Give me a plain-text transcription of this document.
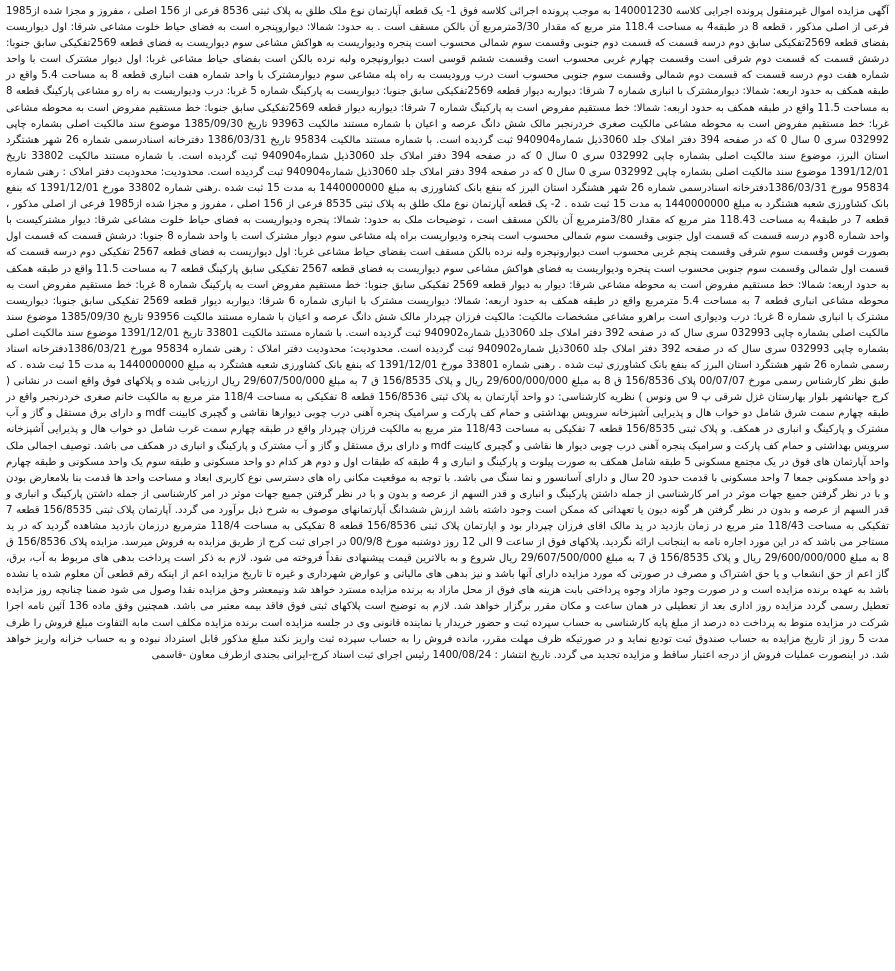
آگهی مزایده اموال غیرمنقول پرونده اجرایی کلاسه 140001230 به موجب پرونده اجرائی کلاسه فوق 1- یک قطعه آپارتمان نوع ملک طلق به پلاک ثبتی 8536 فرعی از 156 اصلی ، مفروز و مجزا شده از1985 فرعی از اصلی مذکور ، قطعه 8 در طبقه4 به مساحت 118.4 متر مربع که مقدار 3/30مترمربع آن بالکن مسقف است . به حدود: شمالا: دیواروپنجره است به فضای حیاط خلوت مشاعی شرقا: اول دیواریست بفضای قطعه 2569تفکیکی سابق دوم درسه قسمت که قسمت دوم جنوبی وقسمت سوم شمالی محسوب است پنجره ودیواریست به هواکش مشاعی سوم دیواریست به فضای قطعه 2569تفکیکی سابق جنوبا: درشش قسمت که قسمت دوم شرقی است وقسمت چهارم غربی محسوب است وقسمت ششم قوسی است دیوارونپجره ولبه نرده بالکن است بفضای حیاط مشاعی غربا: اول دیوار مشترک است با واحد شماره هفت دوم درسه قسمت که قسمت دوم شمالی وقسمت سوم جنوبی محسوب است درب ورودیست به راه پله مشاعی سوم دیوارمشترک با واحد شماره هفت انباری قطعه 8 به مساحت 5.4 واقع در طبقه همکف به حدود اربعه: شمالا: دیوارمشترک با انباری شماره 7 شرقا: دیواربه دیوار قطعه 2569تفکیکی سابق جنوبا: دیواریست به پارکینگ شماره 5 غربا: درب ودیواریست به راه رو مشاعی پارکینگ قطعه 8 به مساحت 11.5 واقع در طبقه همکف به حدود اربعه: شمالا: خط مستقیم مفروض است به پارکینگ شماره 7 شرقا: دیواربه دیوار قطعه 2569تفکیکی سابق جنوبا: خط مستقیم مفروض است به محوطه مشاعی غربا: خط مستقیم مفروض است به محوطه مشاعی مالکیت صغری خردرنجبر مالک شش دانگ عرصه و اعیان با شماره مستند مالکیت 93963 تاریخ 1385/09/30 موضوع سند مالکیت اصلی بشماره چاپی 032992 سری 0 سال 0 که در صفحه 394 دفتر املاک جلد 3060ذیل شماره940904 ثبت گردیده است. با شماره مستند مالکیت 95834 تاریخ 1386/03/31 دفترخانه اسنادرسمی شماره 26 شهر هشتگرد استان البرز، موضوع سند مالکیت اصلی بشماره چاپی 032992 سری 0 سال 0 که در صفحه 394 دفتر املاک جلد 3060ذیل شماره940904 ثبت گردیده است. با شماره مستند مالکیت 33802 تاریخ 1391/12/01 موضوع سند مالکیت اصلی بشماره چاپی 032992 سری 0 سال 0 که در صفحه 394 دفتر املاک جلد 3060ذیل شماره940904 ثبت گردیده است. محدودیت: محدودیت دفتر املاک : رهنی شماره 95834 مورخ 1386/03/31دفترخانه اسنادرسمی شماره 26 شهر هشتگرد استان البرز که بنفع بانک کشاورزی به مبلغ 1440000000 به مدت 15 ثبت شده .رهنی شماره 33802 مورخ 1391/12/01 که بنفع بانک کشاورزی شعبه هشتگرد به مبلغ 1440000000 به مدت 15 ثبت شده . 2- یک قطعه آپارتمان نوع ملک طلق به پلاک ثبتی 8535 فرعی از 156 اصلی ، مفروز و مجزا شده از1985 فرعی از اصلی مذکور ، قطعه 7 در طبقه4 به مساحت 118.43 متر مربع که مقدار 3/80مترمربع آن بالکن مسقف است ، توضیحات ملک به حدود: شمالا: پنجره ودیواریست به فضای حیاط خلوت مشاعی شرقا: دیوار مشترکیست با واحد شماره 8دوم درسه قسمت که قسمت اول جنوبی وقسمت سوم شمالی محسوب است پنجره ودیواریست براه پله مشاعی سوم دیوار مشترک است با واحد شماره 8 جنوبا: درشش قسمت که قسمت اول بصورت قوس وقسمت سوم شرقی وقسمت پنجم غربی محسوب است دیوارونپجره ولبه نرده بالکن مسقف است بفضای حیاط مشاعی غربا: اول دیواریست به فضای قطعه 2567 تفکیکی دوم درسه قسمت که قسمت اول شمالی وقسمت سوم جنوبی محسوب است پنجره ودیواریست به فضای هواکش مشاعی سوم دیواریست به فضای قطعه 2567 تفکیکی سابق پارکینگ قطعه 7 به مساحت 11.5 واقع در طبقه همکف به حدود اربعه: شمالا: خط مستقیم مفروض است به محوطه مشاعی شرقا: دیوار به دیوار قطعه 2569 تفکیکی سابق جنوبا: خط مستقیم مفروض است به پارکینگ شماره 8 غربا: خط مستقیم مفروض است به محوطه مشاعی انباری قطعه 7 به مساحت 5.4 مترمربع واقع در طبقه همکف به حدود اربعه: شمالا: دیواریست مشترک با انباری شماره 6 شرقا: دیواربه دیوار قطعه 2569 تفکیکی سابق جنوبا: دیواریست مشترک با انباری شماره 8 غربا: درب ودیواری است براهرو مشاعی مشخصات مالکیت: مالکیت فرزان چپردار مالک شش دانگ عرصه و اعیان با شماره مستند مالکیت 93956 تاریخ 1385/09/30 موضوع سند مالکیت اصلی بشماره چاپی 032993 سری سال که در صفحه 392 دفتر املاک جلد 3060ذیل شماره940902 ثبت گردیده است. با شماره مستند مالکیت 33801 تاریخ 1391/12/01 موضوع سند مالکیت اصلی بشماره چاپی 032993 سری سال که در صفحه 392 دفتر املاک جلد 3060ذیل شماره940902 ثبت گردیده است. محدودیت: محدودیت دفتر املاک : رهنی شماره 95834 مورخ 1386/03/21دفترخانه اسناد رسمی شماره 26 شهر هشتگرد استان البرز که بنفع بانک کشاورزی ثبت شده . رهنی شماره 33801 مورخ 1391/12/01 که بنفع بانک کشاورزی شعبه هشتگرد به مبلغ 1440000000 به مدت 15 ثبت شده . که طبق نظر کارشناس رسمی مورخ 00/07/07 پلاک 156/8536 ق 8 به مبلغ 29/600/000/000 ریال و پلاک 156/8535 ق 7 به مبلغ 29/607/500/000 ریال ارزیابی شده و پلاکهای فوق واقع است در نشانی ( کرج جهانشهر بلوار بهارستان غزل شرقی پ 9 س ونوس ) نظریه کارشناسی: دو واحد آپارتمان به پلاک ثبتی 156/8536 قطعه 8 تفکیکی به مساحت 118/4 متر مربع به مالکیت خانم صغری خردرنجبر واقع در طبقه چهارم سمت شرق شامل دو خواب هال و پذیرایی آشپزخانه سرویس بهداشتی و حمام کف پارکت و سرامیک پنجره آهنی درب چوبی دیوارها نقاشی و گچبری کابینت mdf و دارای برق مستقل و گاز و آب مشترک و پارکینگ و انباری در همکف. و پلاک ثبتی 156/8535 قطعه 7 تفکیکی به مساحت 118/43 متر مربع به مالکیت فرزان چپردار واقع در طبقه چهارم سمت غرب شامل دو خواب هال و پذیرایی آشپزخانه سرویس بهداشتی و حمام کف پارکت و سرامیک پنجره آهنی درب چوبی دیوار ها نقاشی و گچبری کابینت mdf و دارای برق مستقل و گاز و آب مشترک و پارکینگ و انباری در همکف می باشد. توصیف اجمالی ملک واحد آپارتمان های فوق در یک مجتمع مسکونی 5 طبقه شامل همکف به صورت پیلوت و پارکینگ و انباری و 4 طبقه که طبقات اول و دوم هر کدام دو واحد مسکونی و طبقه سوم یک واحد مسکونی و طبقه چهارم دو واحد مسکونی جمعا 7 واحد مسکونی با قدمت حدود 20 سال و دارای آسانسور و نما سنگ می باشد. با توجه به موقعیت مکانی راه های دسترسی نوع کاربری ابعاد و مساحت واحد ها قدمت بنا بلامعارض بودن و با در نظر گرفتن جمیع جهات موثر در امر کارشناسی از جمله داشتن پارکینگ و انباری و قدر السهم از عرصه و بدون و با در نظر گرفتن جمیع جهات موثر در امر کارشناسی از جمله داشتن پارکینگ و انباری و قدر السهم از عرصه و بدون در نظر گرفتن هر گونه دیون یا تعهداتی که ممکن است وجود داشته باشد ارزش ششدانگ آپارتمانهای موصوف به شرح ذیل برآورد می گردد. آپارتمان پلاک ثبتی 156/8535 قطعه 7 تفکیکی به مساحت 118/43 متر مربع در زمان بازدید در ید مالک اقای فرزان چپردار بود و اپارتمان پلاک ثبتی 156/8536 قطعه 8 تفکیکی به مساحت 118/4 مترمربع درزمان بازدید مشاهده گردید که در ید مستاجر می باشد که در این مورد اجاره نامه به اینجانب ارائه نگردید. پلاکهای فوق از ساعت 9 الی 12 روز دوشنبه مورخ 00/9/8 در اجرای ثبت کرج از طریق مزایده به فروش میرسد. مزایده پلاک 156/8536 ق 8 به مبلغ 29/600/000/000 ریال و پلاک 156/8535 ق 7 به مبلغ 29/607/500/000 ریال شروع و به بالاترین قیمت پیشنهادی نقداً فروخته می شود. لازم به ذکر است پرداخت بدهی های مربوط به آب، برق، گاز اعم از حق انشعاب و یا حق اشتراک و مصرف در صورتی که مورد مزایده دارای آنها باشد و نیز بدهی های مالیاتی و عوارض شهرداری و غیره تا تاریخ مزایده اعم از اینکه رقم قطعی آن معلوم شده یا نشده باشد به عهده برنده مزایده است و در صورت وجود مازاد وجوه پرداختی بابت هزینه های فوق از محل مازاد به برنده مزایده مسترد خواهد شد ونیمعشر وحق مزایده نقدا وصول می شود ضمنا چنانچه روز مزایده تعطیل رسمی گردد مزایده روز اداری بعد از تعطیلی در همان ساعت و مکان مقرر برگزار خواهد شد. لازم به توضیح است پلاکهای ثبتی فوق فاقد بیمه معتبر می باشد. همچنین وفق ماده 136 آئین نامه اجرا شرکت در مزایده منوط به پرداخت ده درصد از مبلغ پایه کارشناسی به حساب سپرده ثبت و حضور خریدار یا نماینده قانونی وی در جلسه مزایده است برنده مزایده مکلف است مابه التفاوت مبلغ فروش را ظرف مدت 5 روز از تاریخ مزایده به حساب صندوق ثبت تودیع نماید و در صورتیکه ظرف مهلت مقرر، مانده فروش را به حساب سپرده ثبت واریز نکند مبلغ مذکور قابل استرداد نبوده و به حساب خزانه واریز خواهد شد. در اینصورت عملیات فروش از درجه اعتبار ساقط و مزایده تجدید می گردد. تاریخ انتشار : 1400/08/24 رئیس اجرای ثبت اسناد کرج-ایرانی بجندی ازطرف معاون -قاسمی
